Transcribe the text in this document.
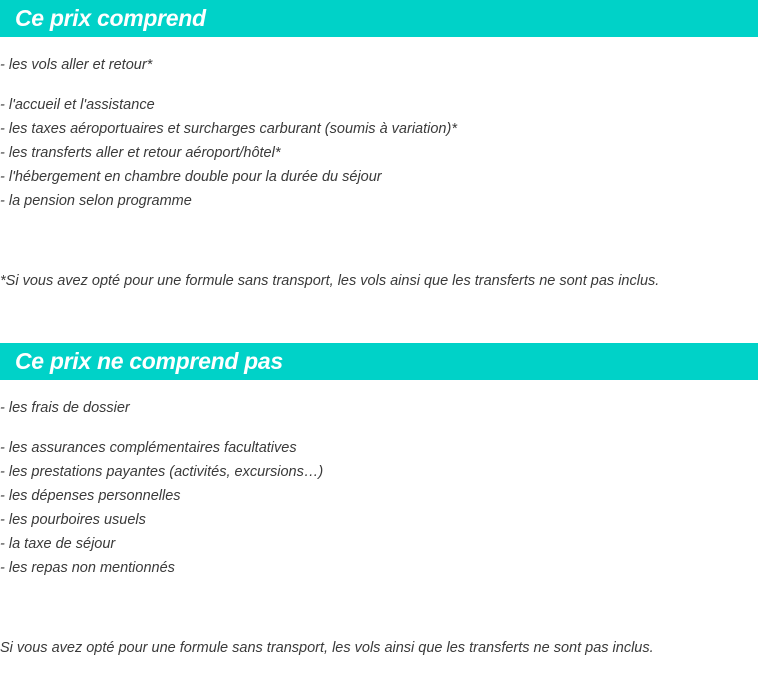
Ce prix comprend
- les vols aller et retour*
- l'accueil et l'assistance
- les taxes aéroportuaires et surcharges carburant (soumis à variation)*
- les transferts aller et retour aéroport/hôtel*
- l'hébergement en chambre double pour la durée du séjour
- la pension selon programme
*Si vous avez opté pour une formule sans transport, les vols ainsi que les transferts ne sont pas inclus.
Ce prix ne comprend pas
- les frais de dossier
- les assurances complémentaires facultatives
- les prestations payantes (activités, excursions…)
- les dépenses personnelles
- les pourboires usuels
- la taxe de séjour
- les repas non mentionnés
Si vous avez opté pour une formule sans transport, les vols ainsi que les transferts ne sont pas inclus.
